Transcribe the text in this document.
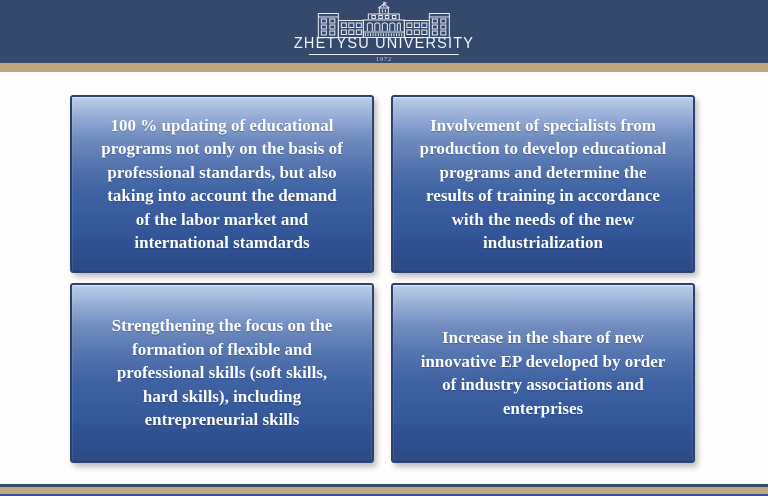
ZHETYSU UNIVERSITY
1972
100 % updating of educational
programs not only on the basis of
professional standards, but also
taking into account the demand
of the labor market and
international stamdards
Involvement of specialists from
production to develop educational
programs and determine the
results of training in accordance
with the needs of the new
industrialization
Strengthening the focus on the
formation of flexible and
professional skills (soft skills,
hard skills), including
entrepreneurial skills
Increase in the share of new
innovative EP developed by order
of industry associations and
enterprises
